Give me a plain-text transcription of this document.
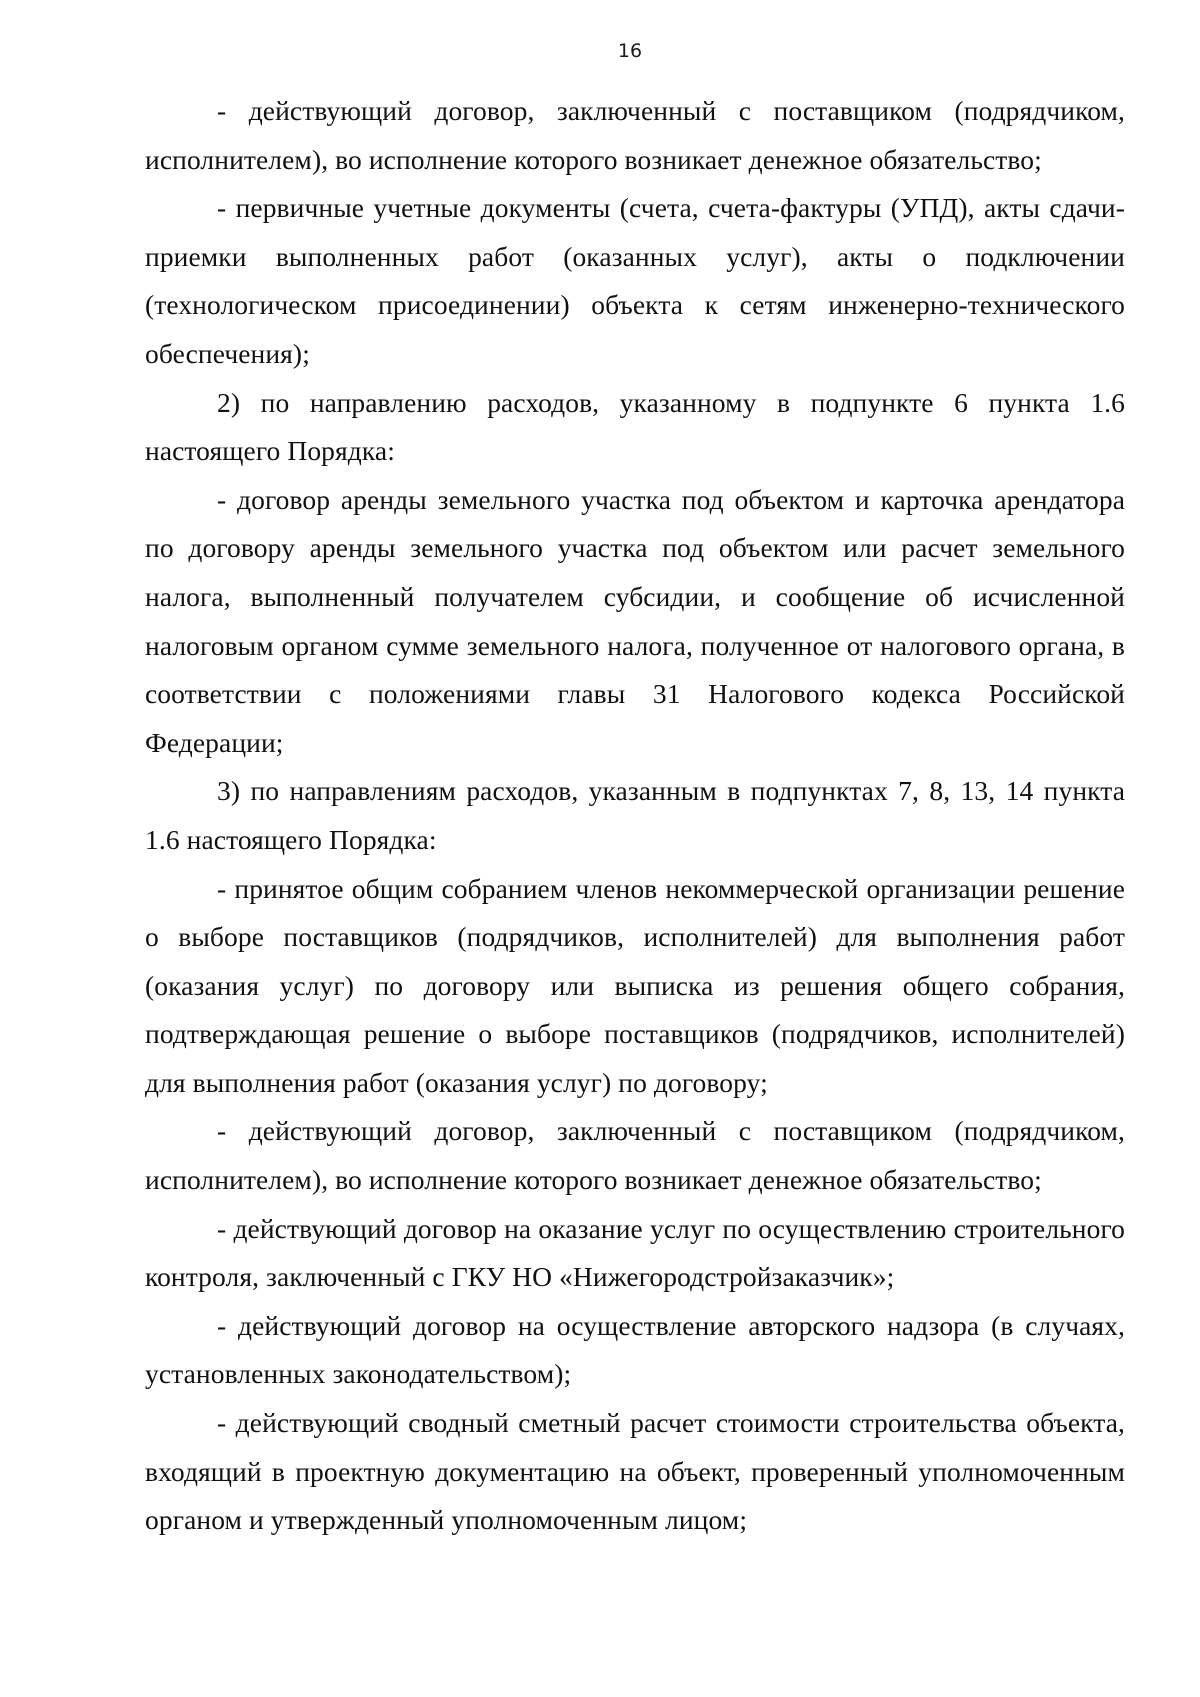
16

- действующий договор, заключенный с поставщиком (подрядчиком, исполнителем), во исполнение которого возникает денежное обязательство;

- первичные учетные документы (счета, счета-фактуры (УПД), акты сдачи-приемки выполненных работ (оказанных услуг), акты о подключении (технологическом присоединении) объекта к сетям инженерно-технического обеспечения);

2) по направлению расходов, указанному в подпункте 6 пункта 1.6 настоящего Порядка:

- договор аренды земельного участка под объектом и карточка арендатора по договору аренды земельного участка под объектом или расчет земельного налога, выполненный получателем субсидии, и сообщение об исчисленной налоговым органом сумме земельного налога, полученное от налогового органа, в соответствии с положениями главы 31 Налогового кодекса Российской Федерации;

3) по направлениям расходов, указанным в подпунктах 7, 8, 13, 14 пункта 1.6 настоящего Порядка:

- принятое общим собранием членов некоммерческой организации решение о выборе поставщиков (подрядчиков, исполнителей) для выполнения работ (оказания услуг) по договору или выписка из решения общего собрания, подтверждающая решение о выборе поставщиков (подрядчиков, исполнителей) для выполнения работ (оказания услуг) по договору;

- действующий договор, заключенный с поставщиком (подрядчиком, исполнителем), во исполнение которого возникает денежное обязательство;

- действующий договор на оказание услуг по осуществлению строительного контроля, заключенный с ГКУ НО «Нижегородстройзаказчик»;

- действующий договор на осуществление авторского надзора (в случаях, установленных законодательством);

- действующий сводный сметный расчет стоимости строительства объекта, входящий в проектную документацию на объект, проверенный уполномоченным органом и утвержденный уполномоченным лицом;
